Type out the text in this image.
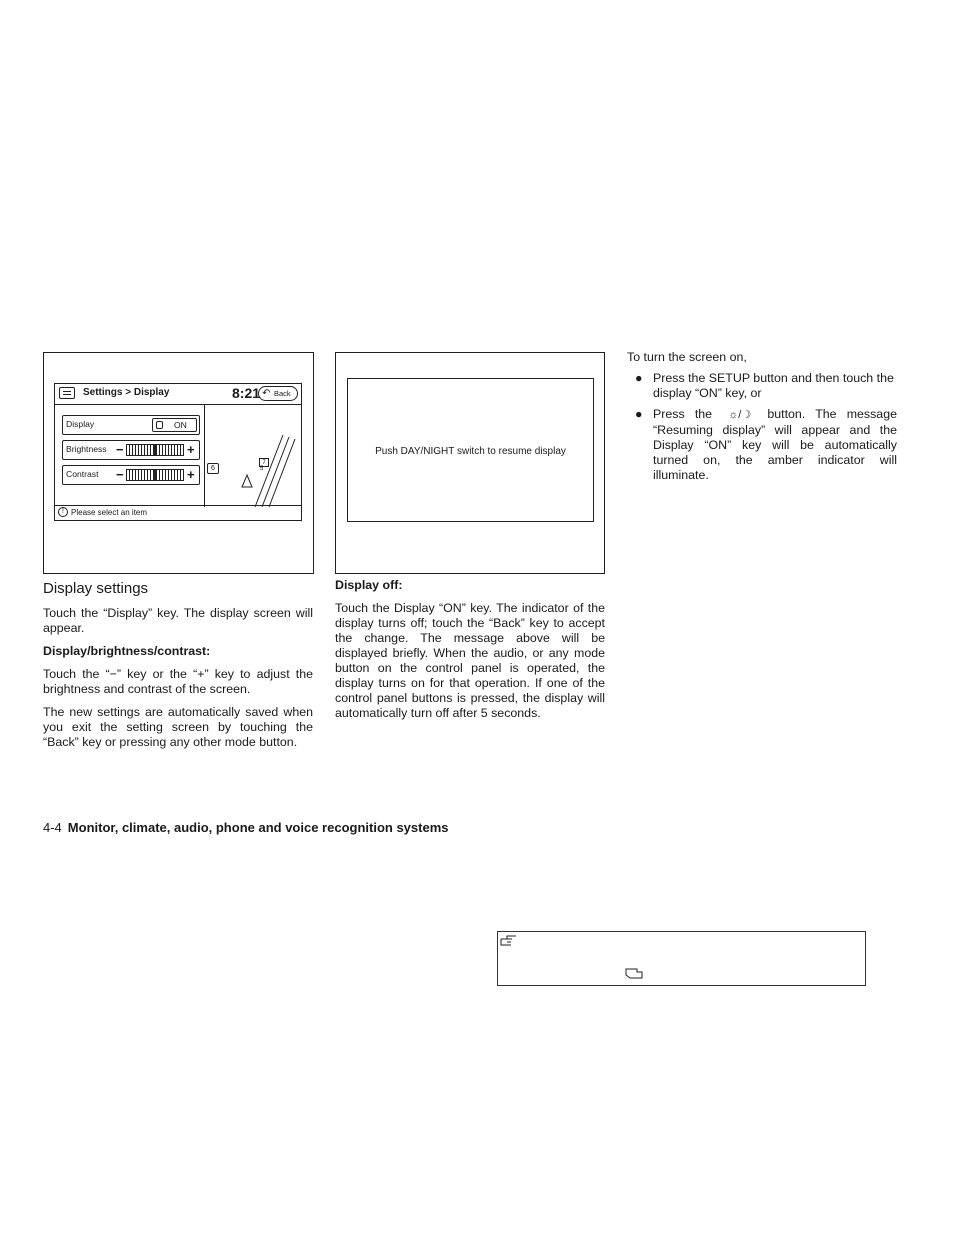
Settings > Display	8:21 ↶ Back
Display	ON
Brightness −	+
Contrast −	+	6
7
5
! Please select an item
Push DAY/NIGHT switch to resume display
Display settings

Touch the “Display” key. The display screen will appear.

Display/brightness/contrast:

Touch the “−” key or the “+” key to adjust the brightness and contrast of the screen.

The new settings are automatically saved when you exit the setting screen by touching the “Back” key or pressing any other mode button.

Display off:

Touch the Display “ON” key. The indicator of the display turns off; touch the “Back” key to accept the change. The message above will be displayed briefly. When the audio, or any mode button on the control panel is operated, the display turns on for that operation. If one of the control panel buttons is pressed, the display will automatically turn off after 5 seconds.

To turn the screen on,

● Press the SETUP button and then touch the display “ON” key, or
● Press the ☼/☽ button. The message “Resuming display” will appear and the Display “ON” key will be automatically turned on, the amber indicator will illuminate.
4-4 Monitor, climate, audio, phone and voice recognition systems
